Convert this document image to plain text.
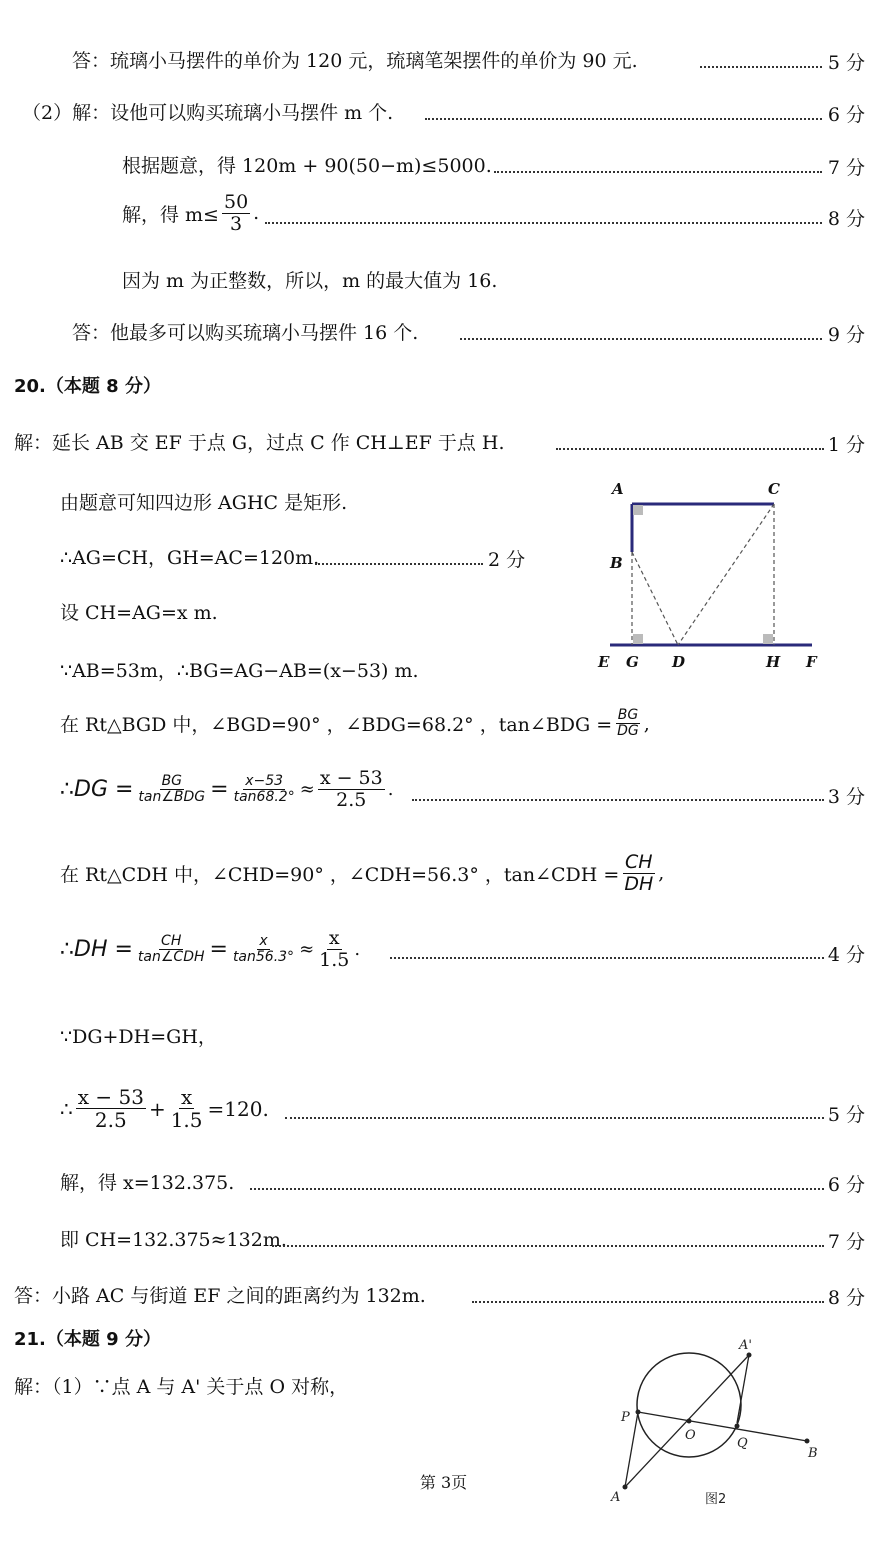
答：琉璃小马摆件的单价为 120 元，琉璃笔架摆件的单价为 90 元.	5 分
（2）解：设他可以购买琉璃小马摆件 m 个.	6 分
根据题意，得 120m + 90(50−m)≤5000.	7 分
解，得 $m\le \frac{50}{3}$ .	8 分
因为 m 为正整数，所以，m 的最大值为 16.
答：他最多可以购买琉璃小马摆件 16 个.	9 分
20.（本题 8 分）
解：延长 AB 交 EF 于点 G，过点 C 作 CH⊥EF 于点 H.	1 分
由题意可知四边形 AGHC 是矩形.
∴AG=CH，GH=AC=120m.	2 分
设 CH=AG=x m.
∵AB=53m，∴BG=AG−AB=(x−53) m.
A	C
B
E G D	H F
在 Rt△BGD 中，∠BGD=90° ，∠BDG=68.2° ，tan∠BDG = $\frac{BG}{DG}$ ,
∴DG = $\frac{BG}{\text{tan∠BDG}} = \frac{x-53}{\tan 68.2^\circ} \approx \frac{x - 53}{2.5}$ .	3 分
在 Rt△CDH 中，∠CHD=90° ，∠CDH=56.3° ，tan∠CDH = $\frac{CH}{DH}$ ,
∴DH = $\frac{CH}{\text{tan∠CDH}} = \frac{x}{\tan 56.3^\circ} \approx \frac{x}{1.5}$ .	4 分
∵DG+DH=GH，
∴ $\frac{x - 53}{2.5} + \frac{x}{1.5} =120$.	5 分
解，得 x=132.375.	6 分
即 CH=132.375≈132m.	7 分
答：小路 AC 与街道 EF 之间的距离约为 132m.	8 分
21.（本题 9 分）
解：（1）∵点 A 与 A' 关于点 O 对称，
A'
P
O
Q
B
A	图2
第 3页
